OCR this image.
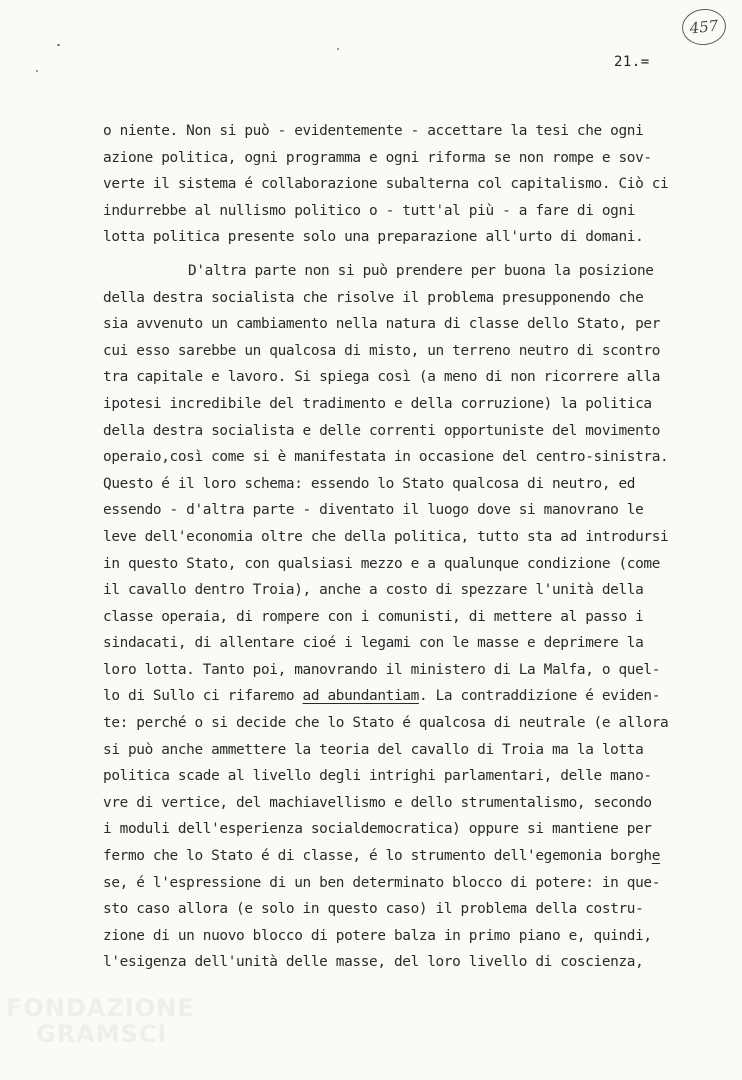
457
21.=
o niente. Non si può - evidentemente - accettare la tesi che ogni
azione politica, ogni programma e ogni riforma se non rompe e sov-
verte il sistema é collaborazione subalterna col capitalismo. Ciò ci
indurrebbe al nullismo politico o - tutt'al più - a fare di ogni
lotta politica presente solo una preparazione all'urto di domani.
D'altra parte non si può prendere per buona la posizione
della destra socialista che risolve il problema presupponendo che
sia avvenuto un cambiamento nella natura di classe dello Stato, per
cui esso sarebbe un qualcosa di misto, un terreno neutro di scontro
tra capitale e lavoro. Si spiega così (a meno di non ricorrere alla
ipotesi incredibile del tradimento e della corruzione) la politica
della destra socialista e delle correnti opportuniste del movimento
operaio,così come si è manifestata in occasione del centro-sinistra.
Questo é il loro schema: essendo lo Stato qualcosa di neutro, ed
essendo - d'altra parte - diventato il luogo dove si manovrano le
leve dell'economia oltre che della politica, tutto sta ad introdursi
in questo Stato, con qualsiasi mezzo e a qualunque condizione (come
il cavallo dentro Troia), anche a costo di spezzare l'unità della
classe operaia, di rompere con i comunisti, di mettere al passo i
sindacati, di allentare cioé i legami con le masse e deprimere la
loro lotta. Tanto poi, manovrando il ministero di La Malfa, o quel-
lo di Sullo ci rifaremo ad abundantiam. La contraddizione é eviden-
te: perché o si decide che lo Stato é qualcosa di neutrale (e allora
si può anche ammettere la teoria del cavallo di Troia ma la lotta
politica scade al livello degli intrighi parlamentari, delle mano-
vre di vertice, del machiavellismo e dello strumentalismo, secondo
i moduli dell'esperienza socialdemocratica) oppure si mantiene per
fermo che lo Stato é di classe, é lo strumento dell'egemonia borghe
se, é l'espressione di un ben determinato blocco di potere: in que-
sto caso allora (e solo in questo caso) il problema della costru-
zione di un nuovo blocco di potere balza in primo piano e, quindi,
l'esigenza dell'unità delle masse, del loro livello di coscienza,
FONDAZIONE
GRAMSCI
